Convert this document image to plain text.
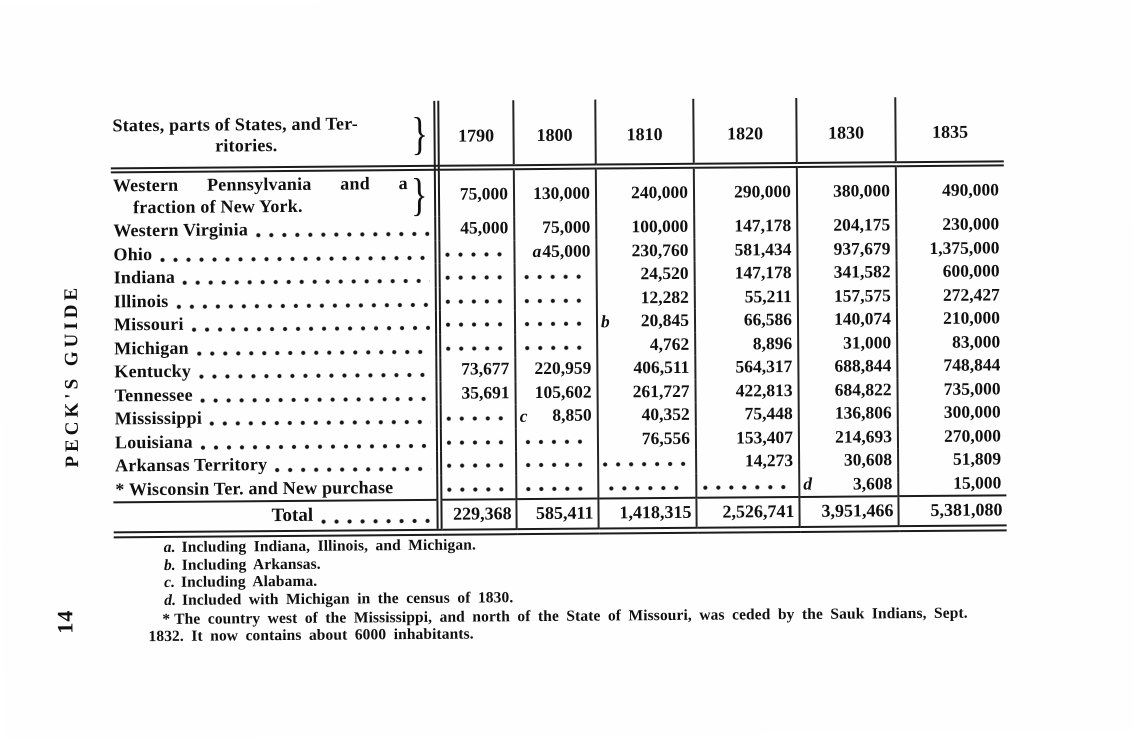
PECK'S GUIDE
14
States, parts of States, and Ter-
ritories. }	1790	1800	1810	1820	1830	1835

Western Pennsylvania and a
fraction of New York. }	75,000	130,000	240,000	290,000	380,000	490,000

Western Virginia	45,000	75,000	100,000	147,178	204,175	230,000

Ohio		a45,000	230,760	581,434	937,679	1,375,000

Indiana			24,520	147,178	341,582	600,000

Illinois			12,282	55,211	157,575	272,427

Missouri			b 20,845	66,586	140,074	210,000

Michigan			4,762	8,896	31,000	83,000

Kentucky	73,677	220,959	406,511	564,317	688,844	748,844

Tennessee	35,691	105,602	261,727	422,813	684,822	735,000

Mississippi		c 8,850	40,352	75,448	136,806	300,000

Louisiana			76,556	153,407	214,693	270,000

Arkansas Territory				14,273	30,608	51,809

* Wisconsin Ter. and New purchase					d 3,608	15,000

Total	229,368	585,411	1,418,315	2,526,741	3,951,466	5,381,080

a. Including Indiana, Illinois, and Michigan.

b. Including Arkansas.

c. Including Alabama.

d. Included with Michigan in the census of 1830.

* The country west of the Mississippi, and north of the State of Missouri, was ceded by the Sauk Indians, Sept. 1832. It now contains about 6000 inhabitants.
